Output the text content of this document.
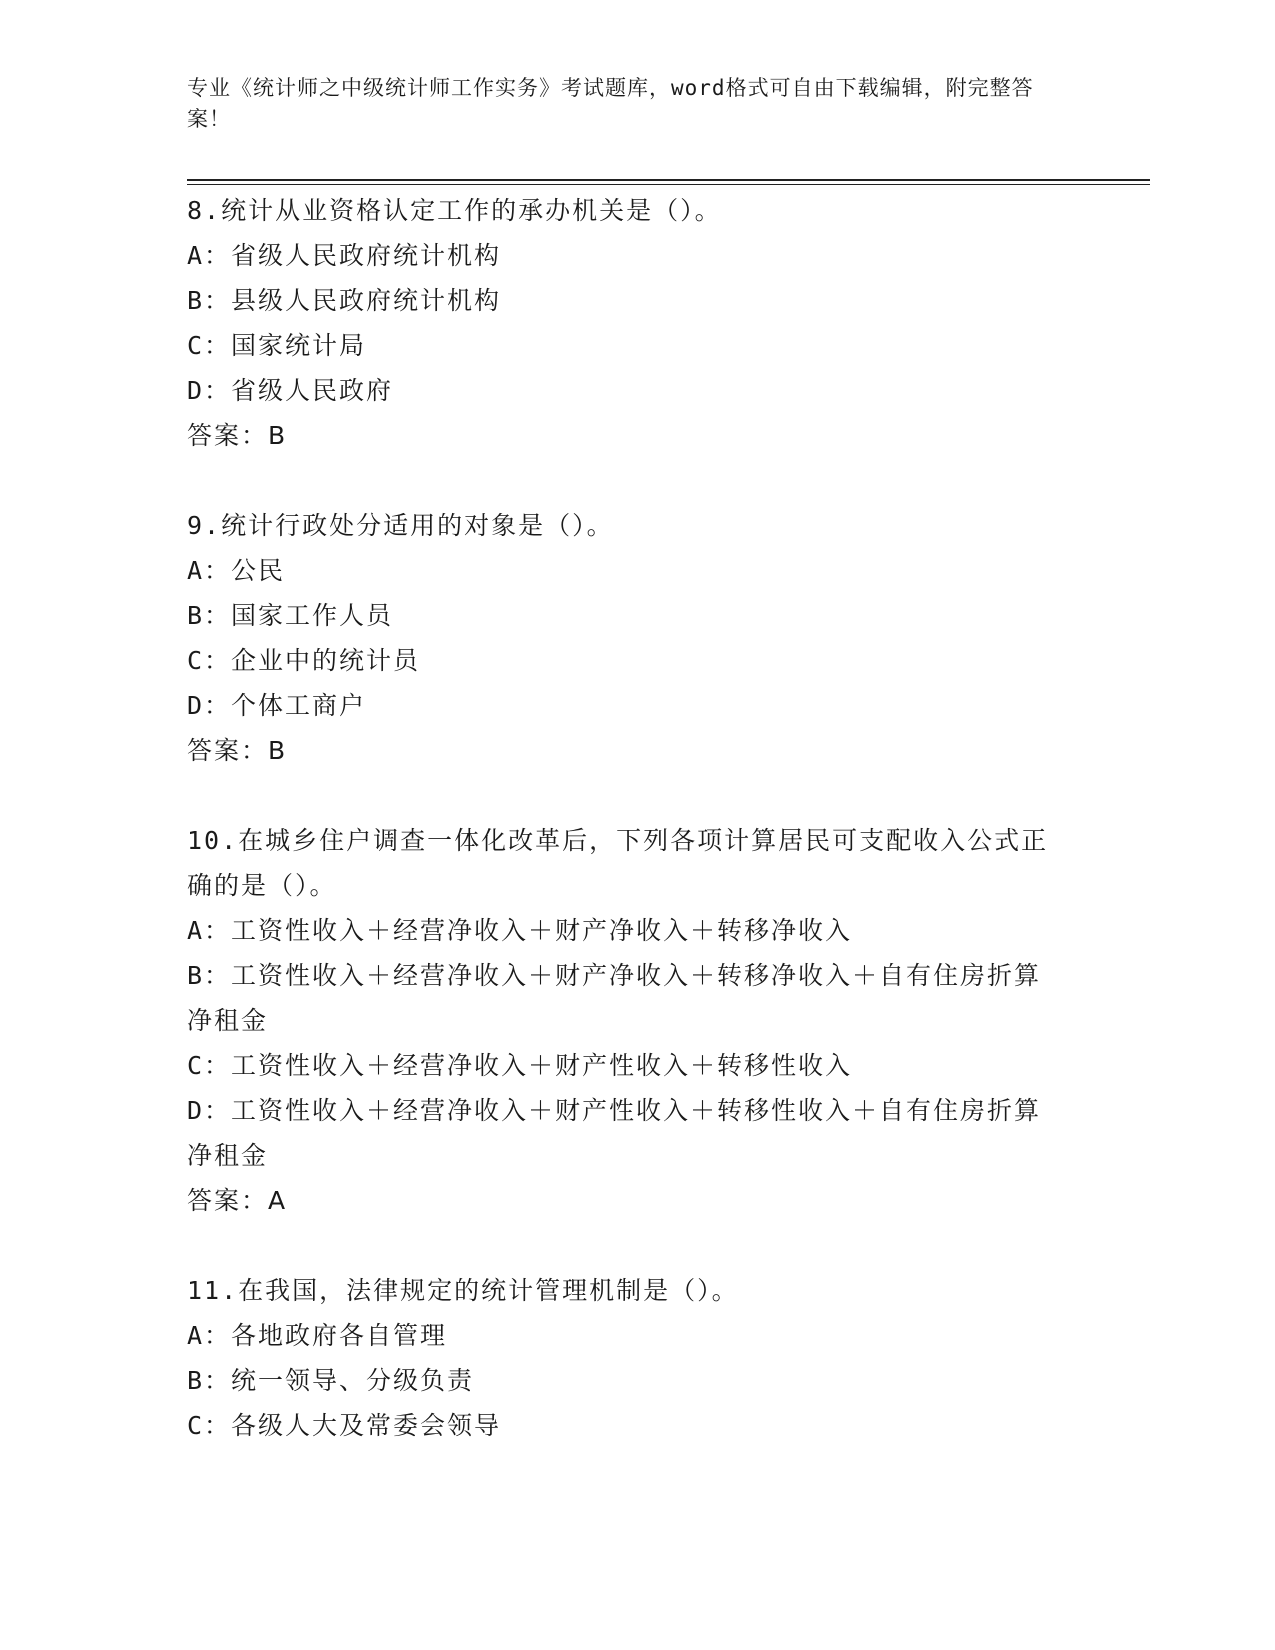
专业《统计师之中级统计师工作实务》考试题库，word格式可自由下载编辑，附完整答案！

8.统计从业资格认定工作的承办机关是（）。

A：省级人民政府统计机构
B：县级人民政府统计机构
C：国家统计局
D：省级人民政府

答案：B

9.统计行政处分适用的对象是（）。

A：公民
B：国家工作人员
C：企业中的统计员
D：个体工商户

答案：B

10.在城乡住户调查一体化改革后，下列各项计算居民可支配收入公式正确的是（）。

A：工资性收入＋经营净收入＋财产净收入＋转移净收入
B：工资性收入＋经营净收入＋财产净收入＋转移净收入＋自有住房折算净租金
C：工资性收入＋经营净收入＋财产性收入＋转移性收入
D：工资性收入＋经营净收入＋财产性收入＋转移性收入＋自有住房折算净租金

答案：A

11.在我国，法律规定的统计管理机制是（）。

A：各地政府各自管理
B：统一领导、分级负责
C：各级人大及常委会领导
